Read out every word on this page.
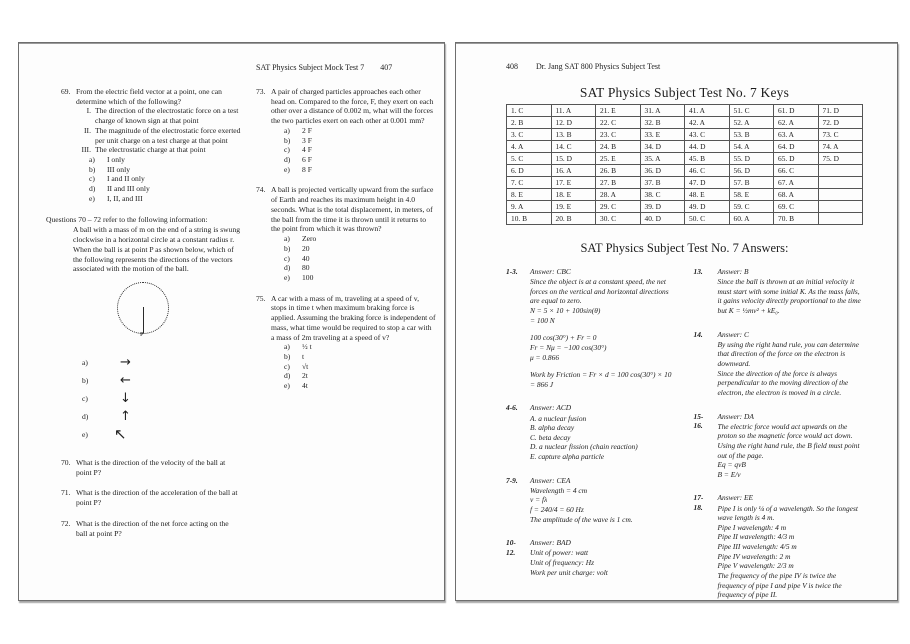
SAT Physics Subject Mock Test 7 407
69. From the electric field vector at a point, one can determine which of the following?
I. The direction of the electrostatic force on a test charge of known sign at that point
II. The magnitude of the electrostatic force exerted per unit charge on a test charge at that point
III. The electrostatic charge at that point
a)	I only
b)	III only
c)	I and II only
d)	II and III only
e)	I, II, and III
Questions 70 – 72 refer to the following information:
A ball with a mass of m on the end of a string is swung clockwise in a horizontal circle at a constant radius r. When the ball is at point P as shown below, which of the following represents the directions of the vectors associated with the motion of the ball.
P
a)	→
b)	←
c)	↓
d)	↑
e)	↖
70. What is the direction of the velocity of the ball at point P?
71. What is the direction of the acceleration of the ball at point P?
72. What is the direction of the net force acting on the ball at point P?
73. A pair of charged particles approaches each other head on. Compared to the force, F, they exert on each other over a distance of 0.002 m, what will the forces the two particles exert on each other at 0.001 mm?
a)	2 F
b)	3 F
c)	4 F
d)	6 F
e)	8 F
74. A ball is projected vertically upward from the surface of Earth and reaches its maximum height in 4.0 seconds. What is the total displacement, in meters, of the ball from the time it is thrown until it returns to the point from which it was thrown?
a)	Zero
b)	20
c)	40
d)	80
e)	100
75. A car with a mass of m, traveling at a speed of v, stops in time t when maximum braking force is applied. Assuming the braking force is independent of mass, what time would be required to stop a car with a mass of 2m traveling at a speed of v?
a)	½ t
b)	t
c)	√t
d)	2t
e)	4t
408 Dr. Jang SAT 800 Physics Subject Test
SAT Physics Subject Test No. 7 Keys
1. C	11. A	21. E	31. A	41. A	51. C	61. D	71. D
2. B	12. D	22. C	32. B	42. A	52. A	62. A	72. D
3. C	13. B	23. C	33. E	43. C	53. B	63. A	73. C
4. A	14. C	24. B	34. D	44. D	54. A	64. D	74. A
5. C	15. D	25. E	35. A	45. B	55. D	65. D	75. D
6. D	16. A	26. B	36. D	46. C	56. D	66. C	
7. C	17. E	27. B	37. B	47. D	57. B	67. A	
8. E	18. E	28. A	38. C	48. E	58. E	68. A	
9. A	19. E	29. C	39. D	49. D	59. C	69. C	
10. B	20. B	30. C	40. D	50. C	60. A	70. B	
SAT Physics Subject Test No. 7 Answers:
1-3.	Answer: CBC
Since the object is at a constant speed, the net forces on the vertical and horizontal directions are equal to zero.
N = 5 × 10 + 100sin(θ)
= 100 N
100 cos(30°) + Fr = 0
Fr = Nμ = −100 cos(30°)
μ = 0.866
Work by Friction = Fr × d = 100 cos(30°) × 10 = 866 J
4-6.	Answer: ACD
A. a nuclear fusion
B. alpha decay
C. beta decay
D. a nuclear fission (chain reaction)
E. capture alpha particle
7-9.	Answer: CEA
Wavelength = 4 cm
v = fλ
f = 240/4 = 60 Hz
The amplitude of the wave is 1 cm.
10-
12.
Answer: BAD
Unit of power: watt
Unit of frequency: Hz
Work per unit charge: volt
13.	Answer: B
Since the ball is thrown at an initial velocity it must start with some initial K. As the mass falls, it gains velocity directly proportional to the time but K = ½mv² + kE₀.
14.	Answer: C
By using the right hand rule, you can determine that direction of the force on the electron is downward.
Since the direction of the force is always perpendicular to the moving direction of the electron, the electron is moved in a circle.
15-
16.
Answer: DA
The electric force would act upwards on the proton so the magnetic force would act down.
Using the right hand rule, the B field must point out of the page.
Eq = qvB
B = E/v
17-
18.
Answer: EE
Pipe I is only ¼ of a wavelength. So the longest wave length is 4 m.
Pipe I wavelength: 4 m
Pipe II wavelength: 4/3 m
Pipe III wavelength: 4/5 m
Pipe IV wavelength: 2 m
Pipe V wavelength: 2/3 m
The frequency of the pipe IV is twice the frequency of pipe I and pipe V is twice the frequency of pipe II.
